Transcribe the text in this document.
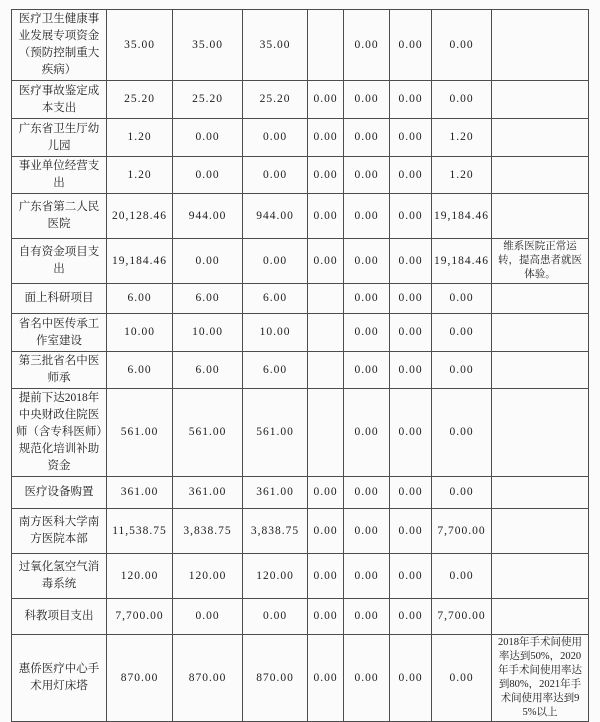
医疗卫生健康事业发展专项资金（预防控制重大疾病）	35.00	35.00	35.00		0.00	0.00	0.00	
医疗事故鉴定成本支出	25.20	25.20	25.20	0.00	0.00	0.00	0.00	
广东省卫生厅幼儿园	1.20	0.00	0.00	0.00	0.00	0.00	1.20	
事业单位经营支出	1.20	0.00	0.00	0.00	0.00	0.00	1.20	
广东省第二人民医院	20,128.46	944.00	944.00	0.00	0.00	0.00	19,184.46	
自有资金项目支出	19,184.46	0.00	0.00	0.00	0.00	0.00	19,184.46	维系医院正常运转，提高患者就医体验。
面上科研项目	6.00	6.00	6.00		0.00	0.00	0.00	
省名中医传承工作室建设	10.00	10.00	10.00		0.00	0.00	0.00	
第三批省名中医师承	6.00	6.00	6.00		0.00	0.00	0.00	
提前下达2018年中央财政住院医师（含专科医师）规范化培训补助资金	561.00	561.00	561.00		0.00	0.00	0.00	
医疗设备购置	361.00	361.00	361.00	0.00	0.00	0.00	0.00	
南方医科大学南方医院本部	11,538.75	3,838.75	3,838.75	0.00	0.00	0.00	7,700.00	
过氧化氢空气消毒系统	120.00	120.00	120.00	0.00	0.00	0.00	0.00	
科教项目支出	7,700.00	0.00	0.00	0.00	0.00	0.00	7,700.00	
惠侨医疗中心手术用灯床塔	870.00	870.00	870.00	0.00	0.00	0.00	0.00	2018年手术间使用率达到50%，2020年手术间使用率达到80%，2021年手术间使用率达到95%以上
